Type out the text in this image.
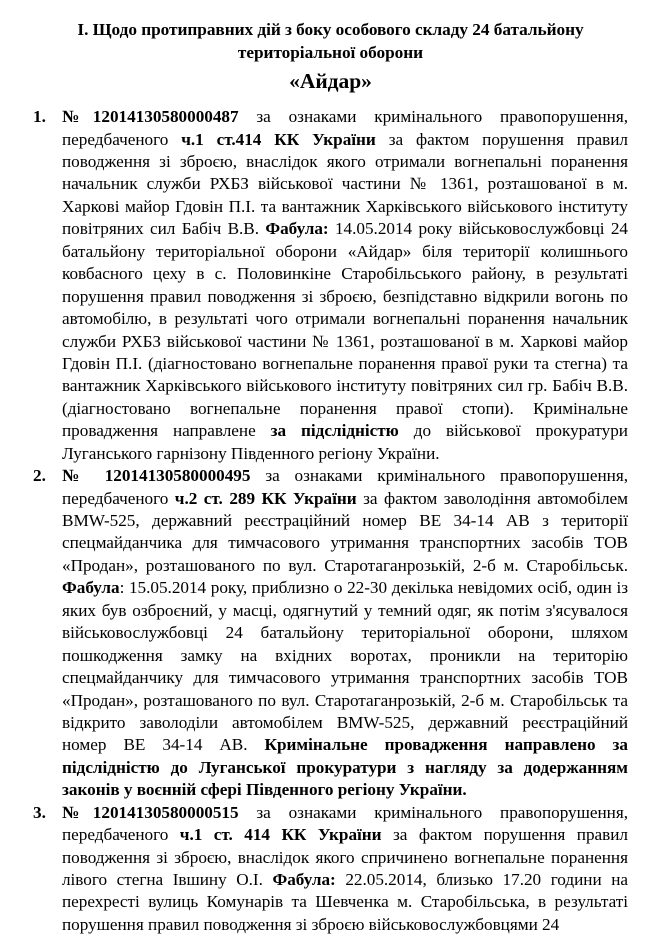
I. Щодо протиправних дій з боку особового складу 24 батальйону
територіальної оборони
«Айдар»
1. №12014130580000487 за ознаками кримінального правопорушення, передбаченого ч.1 ст.414 КК України за фактом порушення правил поводження зі зброєю, внаслідок якого отримали вогнепальні поранення начальник служби РХБЗ військової частини № 1361, розташованої в м. Харкові майор Гдовін П.І. та вантажник Харківського військового інституту повітряних сил Бабіч В.В. Фабула: 14.05.2014 року військовослужбовці 24 батальйону територіальної оборони «Айдар» біля території колишнього ковбасного цеху в с. Половинкіне Старобільського району, в результаті порушення правил поводження зі зброєю, безпідставно відкрили вогонь по автомобілю, в результаті чого отримали вогнепальні поранення начальник служби РХБЗ військової частини № 1361, розташованої в м. Харкові майор Гдовін П.І. (діагностовано вогнепальне поранення правої руки та стегна) та вантажник Харківського військового інституту повітряних сил гр. Бабіч В.В. (діагностовано вогнепальне поранення правої стопи). Кримінальне провадження направлене за підслідністю до військової прокуратури Луганського гарнізону Південного регіону України.
2. № 12014130580000495 за ознаками кримінального правопорушення, передбаченого ч.2 ст. 289 КК України за фактом заволодіння автомобілем BMW-525, державний реєстраційний номер ВЕ 34-14 АВ з території спецмайданчика для тимчасового утримання транспортних засобів ТОВ «Продан», розташованого по вул. Старотаганрозькій, 2-б м. Старобільськ. Фабула: 15.05.2014 року, приблизно о 22-30 декілька невідомих осіб, один із яких був озброєний, у масці, одягнутий у темний одяг, як потім з'ясувалося військовослужбовці 24 батальйону територіальної оборони, шляхом пошкодження замку на вхідних воротах, проникли на територію спецмайданчику для тимчасового утримання транспортних засобів ТОВ «Продан», розташованого по вул. Старотаганрозькій, 2-б м. Старобільськ та відкрито заволоділи автомобілем BMW-525, державний реєстраційний номер ВЕ 34-14 АВ. Кримінальне провадження направлено за підслідністю до Луганської прокуратури з нагляду за додержанням законів у воєнній сфері Південного регіону України.
3. №12014130580000515 за ознаками кримінального правопорушення, передбаченого ч.1 ст. 414 КК України за фактом порушення правил поводження зі зброєю, внаслідок якого спричинено вогнепальне поранення лівого стегна Івшину О.І. Фабула: 22.05.2014, близько 17.20 години на перехресті вулиць Комунарів та Шевченка м. Старобільська, в результаті порушення правил поводження зі зброєю військовослужбовцями 24
